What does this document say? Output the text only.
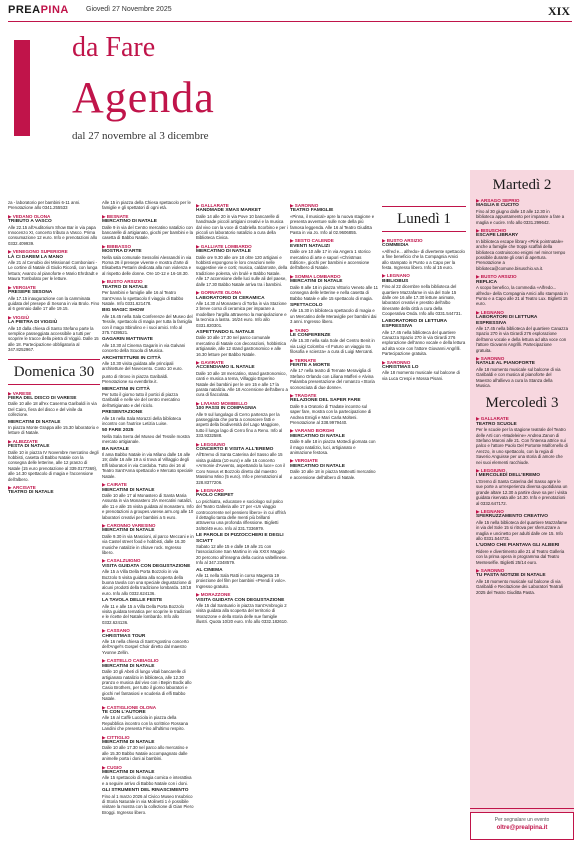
PREAPINA Giovedì 27 Novembre 2025	XIX
da Fare
Agenda
dal 27 novembre al 3 dicembre

za - laboratorio per bambini 6-11 anni. Prenotazione allo 0341.255533

▶ VEDANO OLONA
TRIBUTO A VASCO

Alle 22.15 all'Auditorium Show Bar in via papa Innocenzo XI, concerto tributo a Vasco. Prima consumazione 12 euro. Info e prenotazioni allo 0332.409939.

▶ VENEGONO SUPERIORE
LÀ CI DAREM LA MANO

Alle 21 al Cenobio dei Missionari Comboniani - Le cortine di Natale di Giulio Ricordi, con lunga lettura; Avanzo al pianoforte e Mario Ehrdradt e Maura Tombolato per le letture.

▶ VERGIATE
PRESEPE SESONA

Alle 17.15 inaugurazione con la camminata guidata del presepe di Sesona in via Brolo. Fino al 6 gennaio dalle 17 alle 19.15.

▶ VIGGIÙ
LA PIETRA DI VIGGIÙ

Alle 10 dalla chiesa di Santo Stefano parte la semplice passeggiata accessibile a tutti per scoprire le tracce della pietra di Viggiù. Dalle 15 alle 18. Partecipazione obbligatoria al 347.8252967.

Domenica 30
▶ VARESE
FIERA DEL DISCO DI VARESE

Dalle 10 alle 18 all'ex Caserma Garibaldi in via Del Cairo, fiera del disco e del vinile da collezione.

MERCATINI DI NATALE

In piazza Monte Grappa alle 15.30 laboratorio e letture di Natale.

▶ ALBIZZATE
FESTA DI NATALE

Dalle 10 in piazza IV Novembre mercatino degli hobbisti, casetta di Babbo Natale con la consegna delle letterine, alle 12 pranzo di Natale (15 euro prenotazione al 339.0177369), alle 14.30 spettacolo di magia e l'accensione dell'albero.

▶ ARCISATE
TEATRO DI NATALE

Alle 15 in piazza della Chiesa spettacolo per le famiglie e gli spettatori di ogni età.

▶ BESNATE
MERCATINO DI NATALE

Dalle 9 in via del Centro mercatino natalizio con bancarelle di artigianato, giochi per bambini e la casetta di Babbo Natale.

▶ BIBBASSO
MOSTRA D'ARTE

Nella sala comunale Sessolini Alessandri in via Roma 26 il presepe vivente e mostra d'arte di Elisabetta Pettarin dedicata alla non violenza e al rispetto delle donne. Ore 10-12 e 16-18.30.

▶ BUSTO ARSIZIO
TEATRO DI NATALE

Per bambini e famiglie alle 16 al Teatro Sant'Anna lo spettacolo Il viaggio di Babbo Natale. Info 0331.621478.

BIG MAGIC SHOW

Alle 16.45 nella Sala Conferenze del Museo del Tessile, spettacolo di magia per tutta la famiglia con il mago Sbirulino e i suoi amici. Info al 375.7439521.

GAGARIN MATTINATE

Alle 10.30 al Cinema Gagarin in via Galvani concerto della Scuola di Musica.

ARCHITETTURE IN CITTÀ

Alle 10.30 visita guidata alle principali architetture del Novecento. Costo 10 euro.

punto di ritrovo in piazza Garibaldi. Prenotazione su eventbrite.it.

MERCATINI IN CITTÀ

Per tutto il giorno tutto il portici di piazza Garibaldi e nelle vie del centro mercatino dell'artigianato e del riciclo.

PRESENTAZIONE

Alle 16 nella Sala Morazzi della biblioteca incontro con l'autrice Letizia Luise.

50 FARE 2025

Nella Sala Serra del Museo del Tessile mostra mercato artigianale.

BA NATALE

Il ama Babbo Natale in via Milano dalle 16 alle 19; dalle 16 alle 19 a si trova al Villaggio degli Elfi laboratori in via Cordoba. Tutto dei 16 al Teatro Sant'Anna spettacolo e Mercato speciale Natale.

▶ CAIRATE
MERCATINI DI NATALE

Dalle 10 alle 17 al Monastero di Santa Maria Assunta in via Monastero 2/A mercatini natalizi, alle 11 e alle 15 visita guidata al monastero. Info e prenotazioni a groupes.varese.arm.org alle 10 laboratori creativi per bambini a 5 euro.

▶ CARONNO VARESINO
MERCATINI DI NATALE

Dalle 9.30 in via Mascioni, al parco Meccani e in via Castel street food e hobbisti, dalle 16.30 musiche natalizie in chiave rock. Ingresso libero.

▶ CASALZUIGNO
VISITA GUIDATA CON DEGUSTAZIONE

Alle 15 a Villa Della Porta Bozzolo in via Bozzolo 5 visita guidata alla scoperta della buona tavola con una speciale degustazione di alcuni prodotti della tradizione lombarda. 10/18 euro. Info allo 0332.624136.

LA TAVOLA DELLE FESTE

Alle 11 e alle 15 a Villa Della Porta Bozzolo visita guidata tematica per scoprire le tradizioni e le ricette del Natale lombardo. Info allo 0332.624136.

▶ CASSANO
CHRISTMAS TOUR

Alle 16 nella chiesa di Sant'Agostino concerto dell'Angel's Gospel Choir diretto dal maestro Yvonne Zellin.

▶ CASTELLO CABIAGLIO
MERCATINI DI NATALE

Dalle 10 gli Abeti di lungo vitali bancarelle di artigianato natalizio in biblioteca, alle 12.30 pranzo e musica dal vivo con i Bepin Bodix allo Casio Brothers, per tutto il giorno laboratori e giochi nel fantasiosi e scuderia di elfi Babbo Natale.

▶ CASTIGLIONE OLONA
TE CON L'AUTORE

Alle 16 al Caffè Lucciola in piazza della Repubblica incontro con la scrittrice Rossana Landini che presenta Fino all'ultimo respiro.

▶ CITTIGLIO
MERCATINI DI NATALE

Dalle 10 alle 17.30 nel parco allo mercatino e alle 15.30 Babbo Natale accompagnato dalle animelle porta i doni ai bambini.

▶ CUGIO
MERCATINI DI NATALE

Alle 15 spettacolo di magia comica e interattiva e a seguire arrivo di Babbo Natale con i doni.

GLI STRUMENTI DEL RINASCIMENTO

Fino al 1 marzo 2026 al Civico Museo Insubrico di Storia Naturale in via Molinetti 1 è possibile visitare la mostra con la collezione di Gian Piero Broggi. Ingresso libero.

▶ GALLARATE
HANDMADE XMAS MARKET

Dalle 14 alle 20 in via Pove 10 bancarelle di handmade piccoli artigiani creativi e la musica dal vivo con la voce di Gabriella Scorbino e per i piccoli un laboratorio natalizio a cura della Biblioteca Civica.

▶ GALLIATE LOMBARDO
MERCATINO DI NATALE

Dalle ore 9.30 alle ore 18 oltre 120 artigiani e hobbisti espongono le loro creazioni nelle suggestive vie e corti; musica, caldarroste, della tradizione polenta, vin brulè e Babbo Natale. Alle 17 accensione delle luci sulle ali del paese, dalle 17.30 Babbo Natale arriva tra i bambini.

▶ GORNATE OLONA
LABORATORIO DI CERAMICA

Alle 14.30 al Monastero di Torba in via Stazione 2 breve corso di ceramica per imparare a modellare l'argilla attraverso la manipolazione e la tecnica a lastra. 16/24 euro. Info allo 0331.820301.

ASPETTANDO IL NATALE

Dalle 10 alle 17.30 nel parco comunale mercatino di Natale con decorazioni, hobbistica artigianale, alle 12 stand gastronomico e alle 16.30 letture per Babbo Natale.

▶ GAVIRATE
ACCENDIAMO IL NATALE

Dalle 10 alle 18 mercatino, stand gastronomico, canti e musica a tema, Villaggio Esperino Natale dei bambini per le ore 15 e alle 17 la parata natalizia. Alle 18 Accensione dell'albero a cura di fiaccolata.

▶ LIVIANO MOMBELLO
100 PASSI IN COMPAGNIA

Alle 9 sul lungolago di Cerro partenza per la passeggiata che porta a conoscere fatti e aspetti della biodiversità del Lago Maggiore, tutto il lungo lago di Cerro fino a Reno. Info al 333.9332588.

▶ LEGGIUNO
CONCERTO E VISITA ALL'EREMO

All'Eremo di Santa Caterina del Sasso alle 15 visita guidata (10 euro) e alle 16 concerto «Armonie d'Avvento, aspettando la luce» con il Coro Novus et Bozzolo diretto dal maestro Massimo Mino (5 euro). Info e prenotazioni al 328.8377206.

▶ LEGNANO
PAOLO CREPET

Lo psichiatra, educatore e sociologo sul palco del Teatro Galleria alle 17 per «Un viaggio controcorrente nel pensiero libero» in cui offrirà il dettaglio tanta delle menti più brillanti attraverso una profonda riflessione. Biglietti 34/50/49 euro. Info al 331.7336979.

LE PAROLE DI PIZZOCCHERI E DEGLI SCIATT

Sabato 12 alle 15 e dalle 19 alle 21 con l'associazione San Martino in via XXIX Maggio 20 percorso all'insegna della cucina valtellinese. Info al 347.2348579.

AL CINEMA

Alle 11 nella Sala Ratti in corso Magenta 19 proiezione del film per bambini «Prendi il volo». Ingresso gratuito.

▶ MORAZZONE
VISITA GUIDATA CON DEGUSTAZIONE

Alle 15 dal Santuario in piazza Sant'Ambrogio 2 visita guidata alla scoperta del territorio di Morazzone e della storia delle sue famiglie illustri. Quota 10/20 euro. Info allo 0332.182610.

▶ SARONNO
TEATRO FAMIGLIE

«Pinna, il musical» apre la nuova stagione e presenta avventure sulle note della più famosa leggenda. Alle 16 al Teatro Giuditta Pasta in via Jo. Info al 02.9606855.

▶ SESTO CALENDE
EVENTI NATALIZI

Dalle ore 10 alle 17 in via Angera 1 storico mercatino di arte e sapori «Christmas Edition», giochi per bambini e accensione dell'albero di Natale.

▶ SOMMA LOMBARDO
MERCATINI DI NATALE

Dalle 8 alle 18 in piazza Vittorio Veneto alle 11 consegna delle letterine e nella casetta di Babbo Natale e alle 15 spettacolo di magia.

SPETTACOLO

Alle 15.30 in biblioteca spettacolo di magia e un Mercatino delle Meraviglie per bambini dai 3 anni. Ingresso libero.

▶ TAINO
LE CONFERENZE

Alle 15.30 nella sala Sole del Centro Benit in via Luigi Colombo «Il Futuro un viaggio tra filosofia e scienza» a cura di Luigi Mercanti.

▶ TERNATE
FERITE A MORTE

Alle 17 nella teatro di Ternate Meraviglia di Stefano Orlando con Liliana Mafferi e Alvina Palamba presentazione del romanzo «Storia sconosciuta di due donne».

▶ TRADATE
RELAZIONE DEL SAPER FARE

Dalle 9 a Oratorio di Tradate incontro sul saper fare, mostra con la partecipazione di Andrea Emigli e Mari Carla Molteni. Prenotazione al 338.9979440.

▶ VARANO BORGHI
MERCATINO DI NATALE

Dalle 9 alle 18 in piazza Mottedi giornata con il mago natalizio, luci, artigianato e animazione festosa.

▶ VERGIATE
MERCATINO DI NATALE

Dalle 10 alle 18 in piazza Matteotti mercatino e accensione dell'albero di Natale.

Lunedì 1
▶ BUSTO ARSIZIO
COMMEDIA

«Alfred e... alfredo» di divertente spettacolo a fine beneficio che la Compagnia Amici allo stampato in Punto o a Capo per la festa. Ingresso libero. Info al 15 euro.

▶ LEGNANO
BIBLIOBUS

Fino al 22 dicembre nella biblioteca del quartiere Mazzafame in via del Sole 15 dalle ore 16 alle 17.30 letture animate, laboratori creativi e prestito dell'albo itinerante della città a cura della Cooperativa Onda. Info allo 0331.544731.

LABORATORIO DI LETTURA ESPRESSIVA

Alle 17.45 nella biblioteca del quartiere Canazza Spazio 270 in via Girardi 276 esplorazione dell'anno vocale e della lettura ad alta voce con l'attore Giovanni Angrìlli. Partecipazione gratuita.

▶ SARONNO
CHRISTMAS LO

Alle 18 momento musicale sul balcone di via Luca Crespi e Mossa Pisani.

Martedì 2
▶ ARSAGO SEPRIO
MAGLIA E CUCITO

Fino al 30 giugno dalle 10 alle 12.30 in biblioteca appuntamento per imparare a fare a maglia e cucire. Info allo 0331.299642.

▶ BISUSCHIO
ESCAPE LIBRARY

In biblioteca escape library «Pink pointnatale» anche a famiglie che troppi scaffali della biblioteca costruiscono enigmi nel minor tempo possibile durante gli orari di apertura. Prenotazione a biblioteca@comune.bisuschio.va.it.

▶ BUSTO ARSIZIO
REPLICA

A scopo benefico, la commedia «Alfredo... alfredo» della Compagnia Amici allo stampato in Punto e a Capo alle 21 al Teatro Lux. Biglietti 15 euro.

▶ LEGNANO
LABORATORI DI LETTURA ESPRESSIVA

Alle 17.45 nella biblioteca del quartiere Canazza Spazio 270 in via Girardi 276 esplorazione dell'anno vocale e della lettura ad alta voce con l'attore Giovanni Angrìlli. Partecipazione gratuita.

▶ SARONNO
NATALE AL PIANOFORTE

Alle 18 momento musicale sul balcone di via Garibaldi e con musica al pianoforte del Maestro all'allievo a cura la Stanza della Musica.

Mercoledì 3
▶ GALLARATE
TEATRO SCUOLE

Per le scuole per la stagione teatrale del Teatro delle Arti con «Madeleine» Andrea Zanon di Stefano Maroni alle 21. Con l'intensa attrice sui palco e l'attore Paolo Del Portonte Malfornello di Arezzo, in uno spettacolo, con la regia di Saverio Anguisse per una storia di amore che nei suoi elementi racchiude.

▶ LEGGIUNO
I MERCOLEDÌ DELL'EREMO

L'Eremo di Santa Caterina del Sasso apre le sue porte a un'esperienza diversa quotidiana un grande altare 12.30 a partire dove sa per i visita guidata riservata alle 14.30. Info e prenotazioni al 0332.647172.

▶ LEGNANO
SFERRUZZAMENTO CREATIVO

Alle 15 nella biblioteca del quartiere Mazzafame in via del Sole 15 si ritrova per sferruzzare a maglia e uncinetto per adulti dalle ore 15. Info allo 0331.544731.

L'UOMO CHE PIANTAVA GLI ALBERI

Ridere e divertimento alle 21 al Teatro Galleria con la prima opera in programma dal Teatro Menteselfie. Biglietti 25/14 euro.

▶ SARONNO
TU PASTA NOTIZIE DI NATALE

Alle 18 momento musicale sul balcone di via Garibaldi e Recitazione dei Laboratori Teatrali 2025 del Teatro Giuditta Pasta.

Per segnalare un evento
oltre@prealpina.it
